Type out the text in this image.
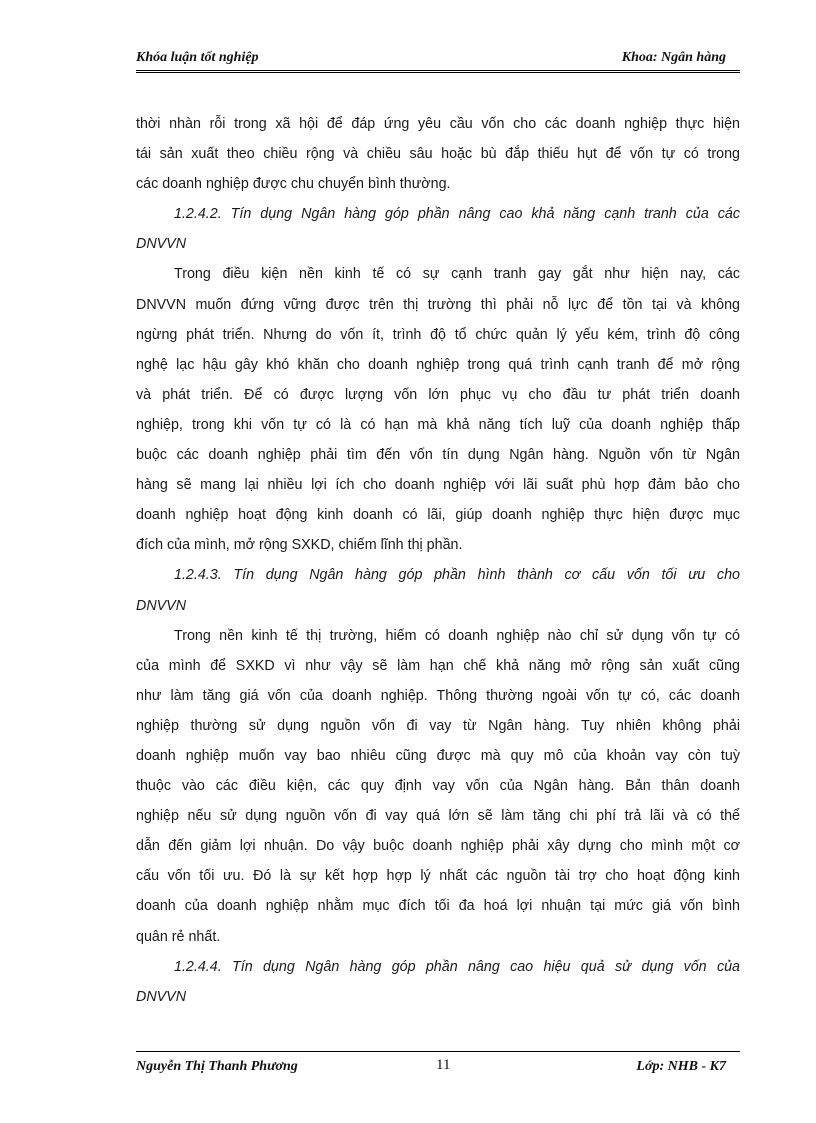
Khóa luận tốt nghiệp	Khoa: Ngân hàng
thời nhàn rỗi trong xã hội để đáp ứng yêu cầu vốn cho các doanh nghiệp thực hiện
tái sản xuất theo chiều rộng và chiều sâu hoặc bù đắp thiếu hụt để vốn tự có trong
các doanh nghiệp được chu chuyển bình thường.
1.2.4.2. Tín dụng Ngân hàng góp phần nâng cao khả năng cạnh tranh của các
DNVVN
Trong điều kiện nền kinh tế có sự cạnh tranh gay gắt như hiện nay, các
DNVVN muốn đứng vững được trên thị trường thì phải nỗ lực để tồn tại và không
ngừng phát triển. Nhưng do vốn ít, trình độ tổ chức quản lý yếu kém, trình độ công
nghệ lạc hậu gây khó khăn cho doanh nghiệp trong quá trình cạnh tranh để mở rộng
và phát triển. Để có được lượng vốn lớn phục vụ cho đầu tư phát triển doanh
nghiệp, trong khi vốn tự có là có hạn mà khả năng tích luỹ của doanh nghiệp thấp
buộc các doanh nghiệp phải tìm đến vốn tín dụng Ngân hàng. Nguồn vốn từ Ngân
hàng sẽ mang lại nhiều lợi ích cho doanh nghiệp với lãi suất phù hợp đảm bảo cho
doanh nghiệp hoạt động kinh doanh có lãi, giúp doanh nghiệp thực hiện được mục
đích của mình, mở rộng SXKD, chiếm lĩnh thị phần.
1.2.4.3. Tín dụng Ngân hàng góp phần hình thành cơ cấu vốn tối ưu cho
DNVVN
Trong nền kinh tế thị trường, hiếm có doanh nghiệp nào chỉ sử dụng vốn tự có
của mình để SXKD vì như vậy sẽ làm hạn chế khả năng mở rộng sản xuất cũng
như làm tăng giá vốn của doanh nghiệp. Thông thường ngoài vốn tự có, các doanh
nghiệp thường sử dụng nguồn vốn đi vay từ Ngân hàng. Tuy nhiên không phải
doanh nghiệp muốn vay bao nhiêu cũng được mà quy mô của khoản vay còn tuỳ
thuộc vào các điều kiện, các quy định vay vốn của Ngân hàng. Bản thân doanh
nghiệp nếu sử dụng nguồn vốn đi vay quá lớn sẽ làm tăng chi phí trả lãi và có thể
dẫn đến giảm lợi nhuận. Do vậy buộc doanh nghiệp phải xây dựng cho mình một cơ
cấu vốn tối ưu. Đó là sự kết hợp hợp lý nhất các nguồn tài trợ cho hoạt động kinh
doanh của doanh nghiệp nhằm mục đích tối đa hoá lợi nhuận tại mức giá vốn bình
quân rẻ nhất.
1.2.4.4. Tín dụng Ngân hàng góp phần nâng cao hiệu quả sử dụng vốn của
DNVVN
Nguyễn Thị Thanh Phương	11	Lớp: NHB - K7
